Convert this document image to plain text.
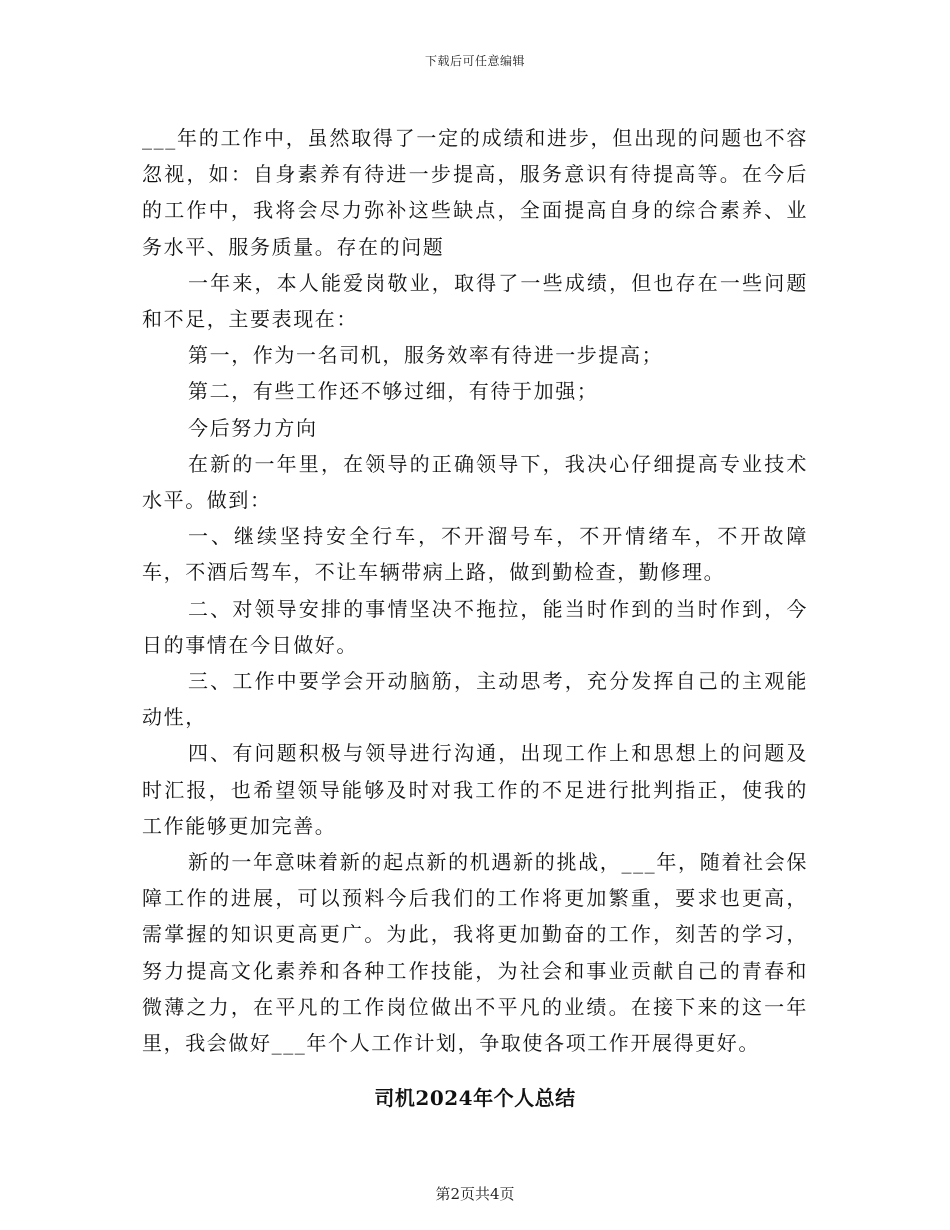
下载后可任意编辑

___年的工作中，虽然取得了一定的成绩和进步，但出现的问题也不容忽视，如：自身素养有待进一步提高，服务意识有待提高等。在今后的工作中，我将会尽力弥补这些缺点，全面提高自身的综合素养、业务水平、服务质量。存在的问题

一年来，本人能爱岗敬业，取得了一些成绩，但也存在一些问题和不足，主要表现在：

第一，作为一名司机，服务效率有待进一步提高；

第二，有些工作还不够过细，有待于加强；

今后努力方向

在新的一年里，在领导的正确领导下，我决心仔细提高专业技术水平。做到：

一、继续坚持安全行车，不开溜号车，不开情绪车，不开故障车，不酒后驾车，不让车辆带病上路，做到勤检查，勤修理。

二、对领导安排的事情坚决不拖拉，能当时作到的当时作到，今日的事情在今日做好。

三、工作中要学会开动脑筋，主动思考，充分发挥自己的主观能动性，

四、有问题积极与领导进行沟通，出现工作上和思想上的问题及时汇报，也希望领导能够及时对我工作的不足进行批判指正，使我的工作能够更加完善。

新的一年意味着新的起点新的机遇新的挑战，___年，随着社会保障工作的进展，可以预料今后我们的工作将更加繁重，要求也更高，需掌握的知识更高更广。为此，我将更加勤奋的工作，刻苦的学习，努力提高文化素养和各种工作技能，为社会和事业贡献自己的青春和微薄之力，在平凡的工作岗位做出不平凡的业绩。在接下来的这一年里，我会做好___年个人工作计划，争取使各项工作开展得更好。

司机2024年个人总结
第2页共4页
